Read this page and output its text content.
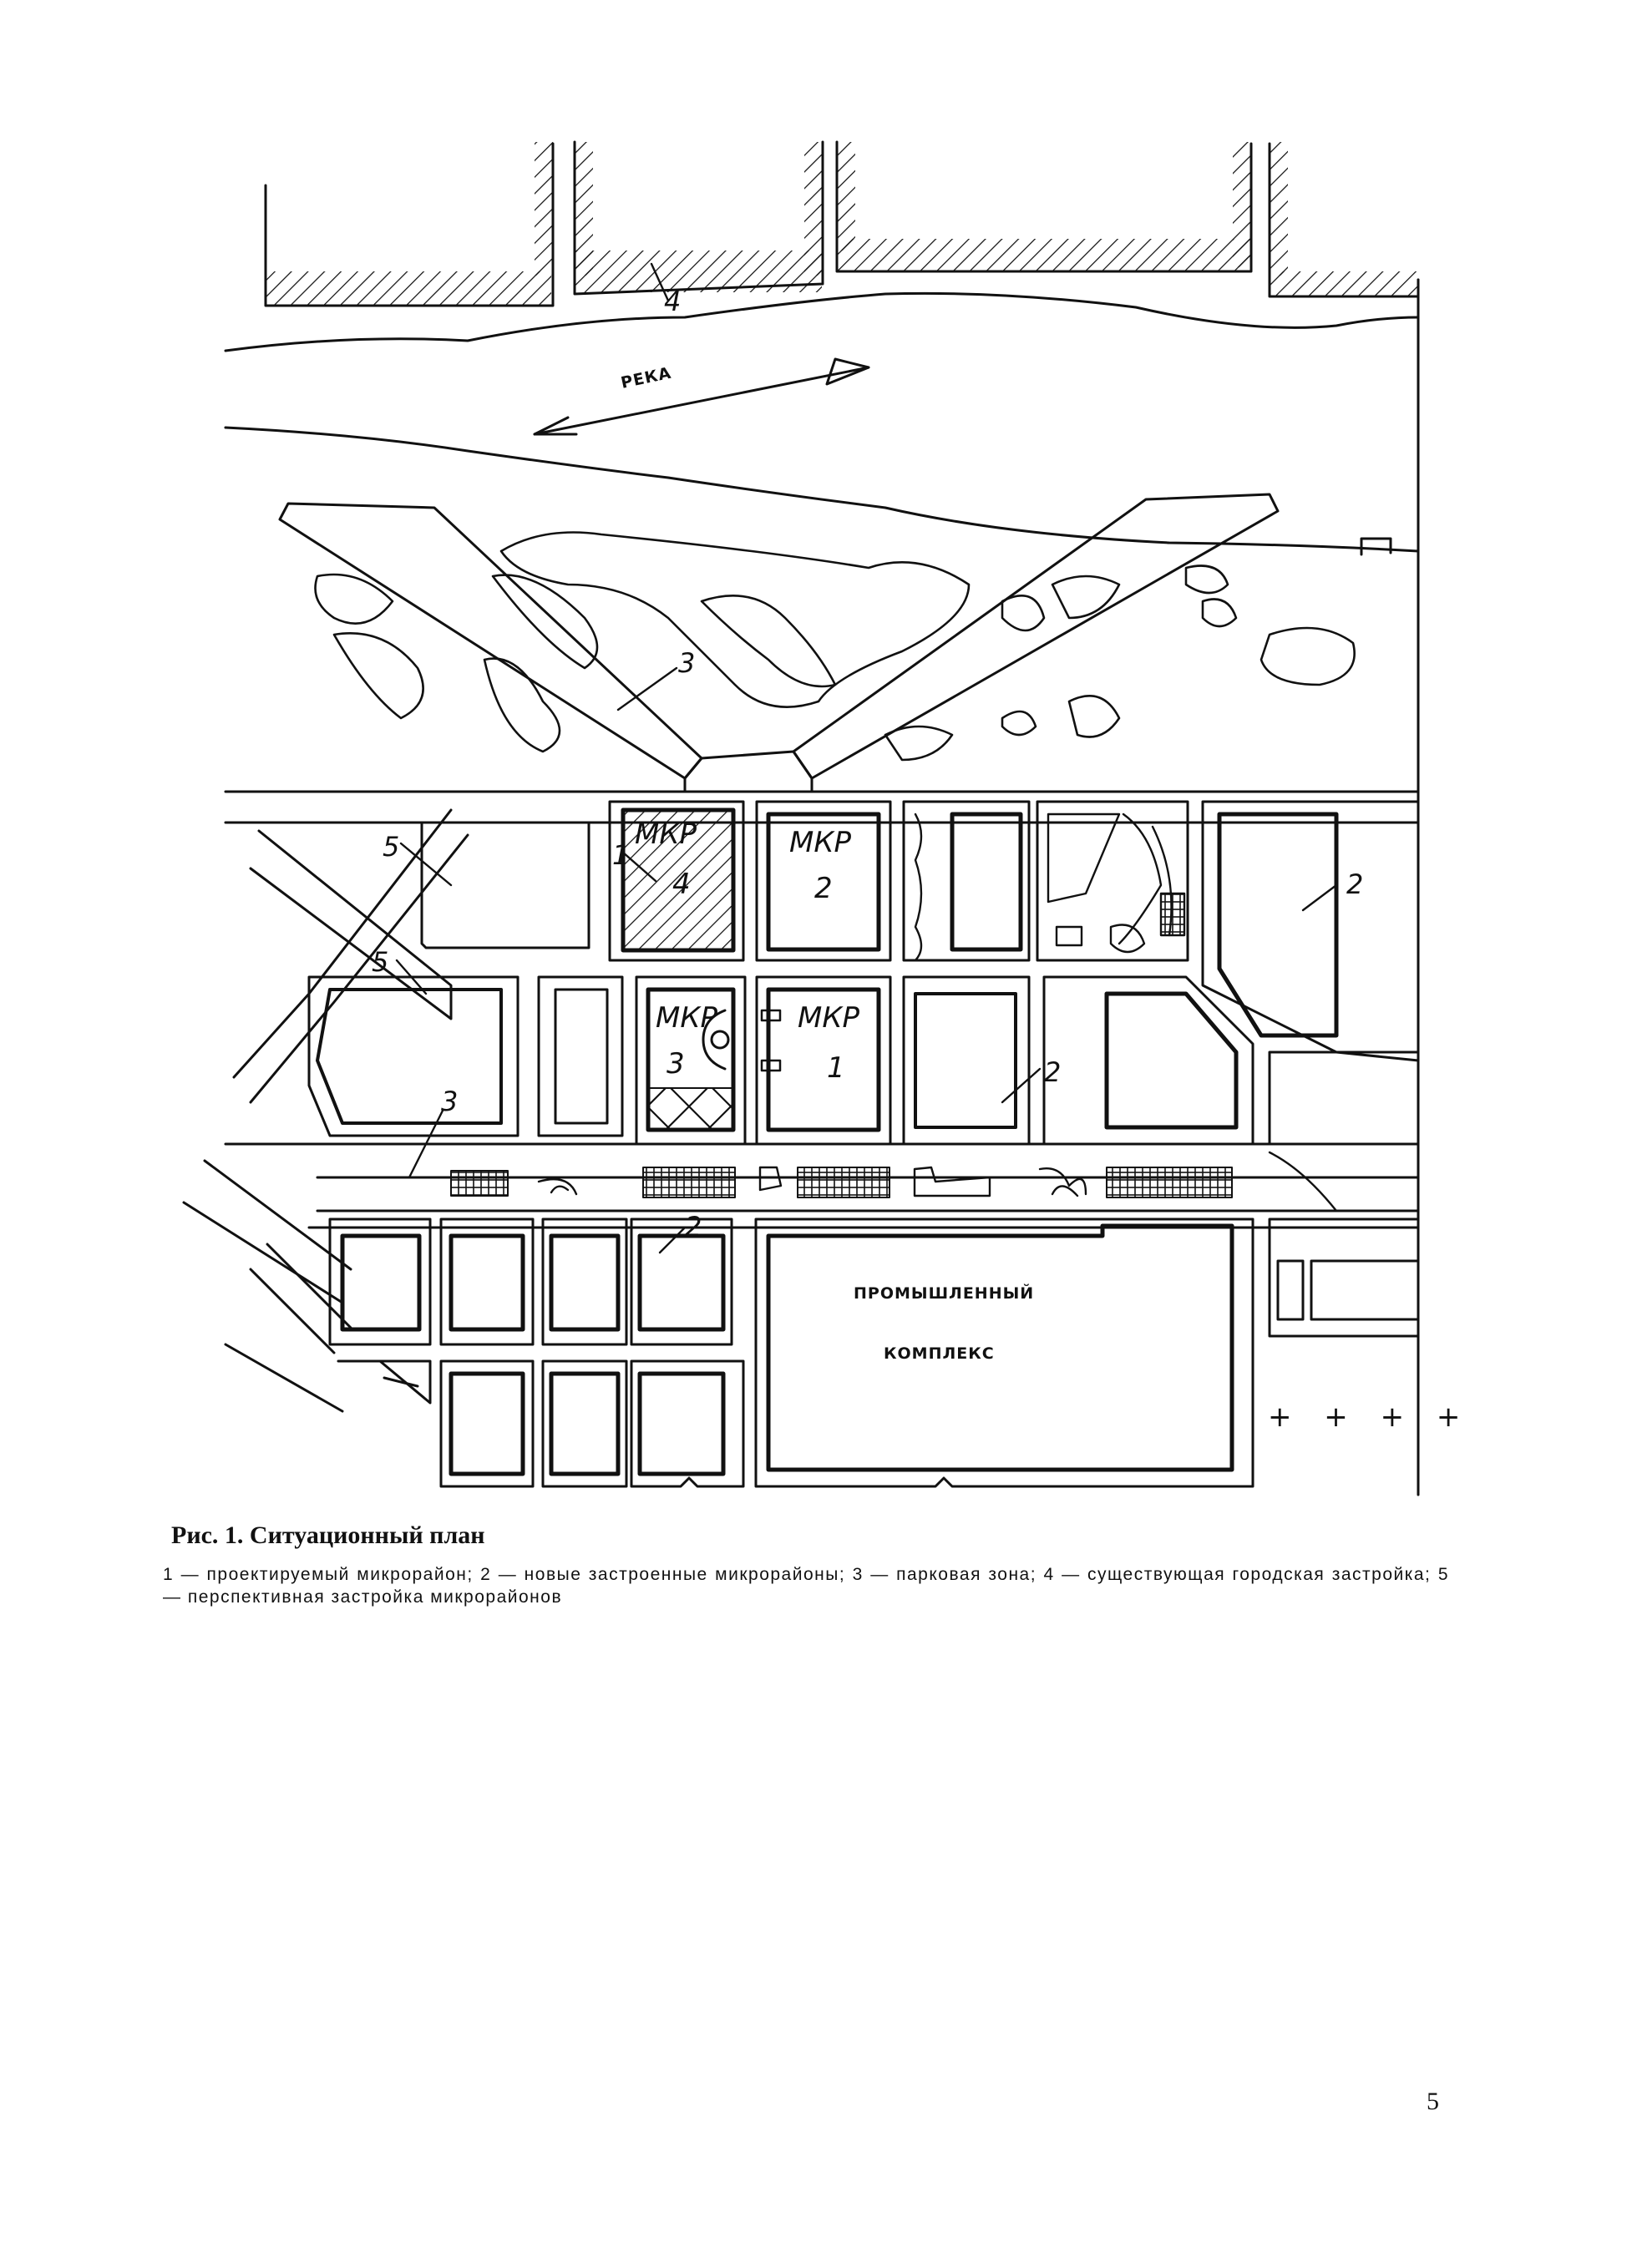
РЕКА
ПРОМЫШЛЕННЫЙ
КОМПЛЕКС
МКР
4
МКР
2
МКР
3
МКР
1
4
3
5
5
3
1
2
2
2
+ + + +
Рис. 1. Ситуационный план
1 — проектируемый микрорайон; 2 — новые застроенные микрорайоны; 3 — парковая зона; 4 — существующая городская застройка; 5 — перспективная застройка микрорайонов
5
